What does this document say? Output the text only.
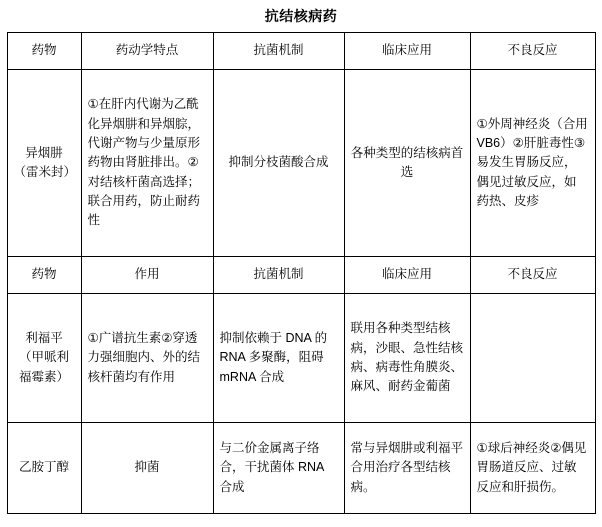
抗结核病药
药物	药动学特点	抗菌机制	临床应用	不良反应
异烟肼（雷米封）	①在肝内代谢为乙酰化异烟肼和异烟腙，代谢产物与少量原形药物由肾脏排出。②对结核杆菌高选择；联合用药，防止耐药性	抑制分枝菌酸合成	各种类型的结核病首选	①外周神经炎（合用 VB6）②肝脏毒性③易发生胃肠反应，偶见过敏反应，如药热、皮疹
药物	作用	抗菌机制	临床应用	不良反应
利福平（甲哌利福霉素）	①广谱抗生素②穿透力强细胞内、外的结核杆菌均有作用	抑制依赖于 DNA 的 RNA 多聚酶，阻碍 mRNA 合成	联用各种类型结核病，沙眼、急性结核病、病毒性角膜炎、麻风、耐药金葡菌	
乙胺丁醇	抑菌	与二价金属离子络合，干扰菌体 RNA 合成	常与异烟肼或利福平合用治疗各型结核病。	①球后神经炎②偶见胃肠道反应、过敏反应和肝损伤。
